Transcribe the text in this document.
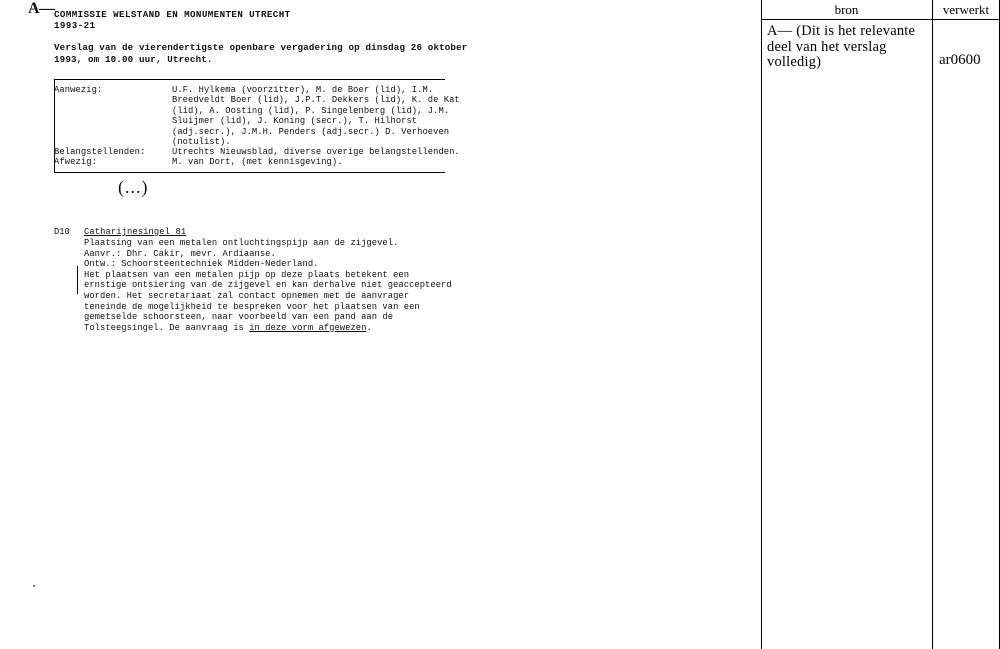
A— COMMISSIE WELSTAND EN MONUMENTEN UTRECHT
1993-21
Verslag van de vierendertigste openbare vergadering op dinsdag 26 oktober
1993, om 10.00 uur, Utrecht.
Aanwezig:	U.F. Hylkema (voorzitter), M. de Boer (lid), I.M. Breedveldt Boer (lid), J.P.T. Dekkers (lid), K. de Kat (lid), A. Oosting (lid), P. Singelenberg (lid), J.M. Sluijmer (lid), J. Koning (secr.), T. Hilhorst (adj.secr.), J.M.H. Penders (adj.secr.) D. Verhoeven (notulist).
Belangstellenden:	Utrechts Nieuwsblad, diverse overige belangstellenden.
Afwezig:	M. van Dort, (met kennisgeving).
(...)
D10 Catharijnesingel 81
Plaatsing van een metalen ontluchtingspijp aan de zijgevel.
Aanvr.: Dhr. Cakir, mevr. Ardiaanse.
Ontw.: Schoorsteentechniek Midden-Nederland.
Het plaatsen van een metalen pijp op deze plaats betekent een ernstige ontsiering van de zijgevel en kan derhalve niet geaccepteerd worden. Het secretariaat zal contact opnemen met de aanvrager teneinde de mogelijkheid te bespreken voor het plaatsen van een gemetselde schoorsteen, naar voorbeeld van een pand aan de Tolsteegsingel. De aanvraag is in deze vorm afgewezen.
bron	verwerkt
A— (Dit is het relevante deel van het verslag volledig)	ar0600
